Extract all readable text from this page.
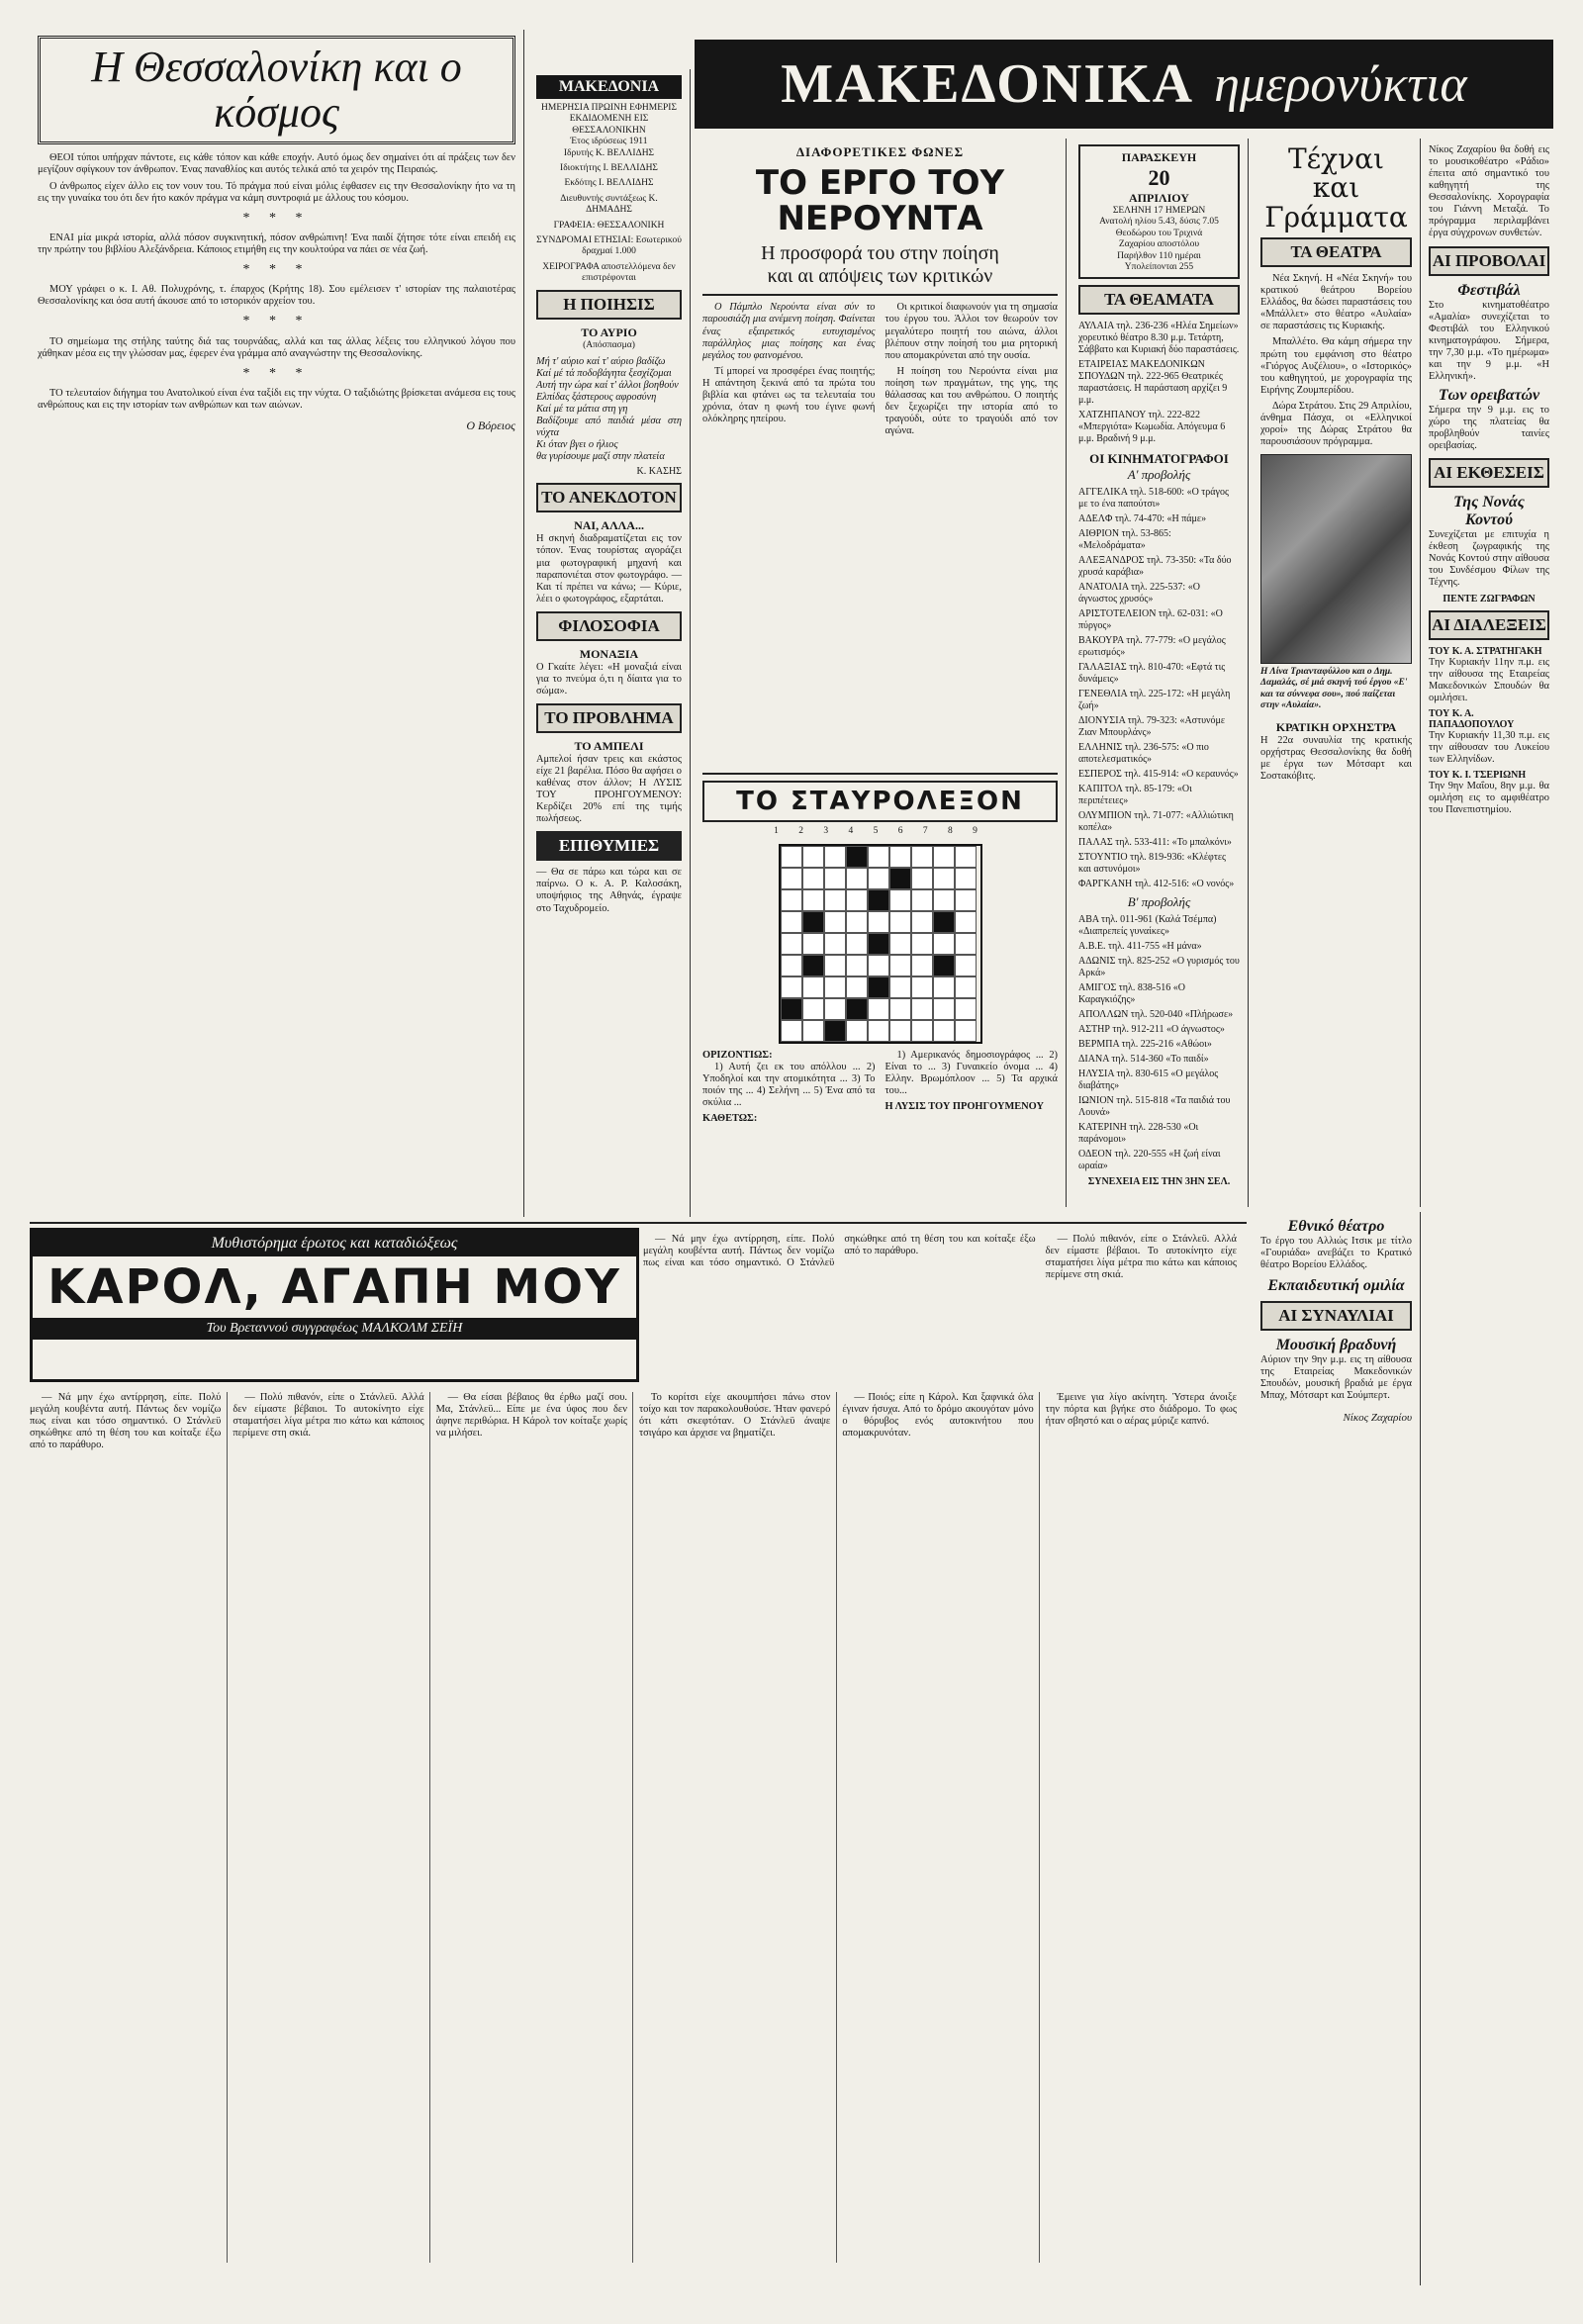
Η Θεσσαλονίκη και ο κόσμος

ΘΕΟΙ τύποι υπήρχαν πάντοτε, εις κάθε τόπον και κάθε εποχήν. Αυτό όμως δεν σημαίνει ότι αί πράξεις των δεν μεγίζουν σφίγκουν τον άνθρωπον. Ένας παναθλίος και αυτός τελικά από τα χειρόν της Πειραιώς.

Ο άνθρωπος είχεν άλλο εις τον νουν του. Τό πράγμα πού είναι μόλις έφθασεν εις την Θεσσαλονίκην ήτο να τη εις την γυναίκα του ότι δεν ήτο κακόν πράγμα να κάμη συντροφιά με άλλους του κόσμου.

* * *

ΕΝΑΙ μία μικρά ιστορία, αλλά πόσον συγκινητική, πόσον ανθρώπινη! Ένα παιδί ζήτησε τότε είναι επειδή εις την πρώτην του βιβλίου Αλεξάνδρεια. Κάποιος ετιμήθη εις την κουλτούρα να πάει σε νέα ζωή.

* * *

ΜΟΥ γράφει ο κ. Ι. Αθ. Πολυχρόνης, τ. έπαρχος (Κρήτης 18). Σου εμέλεισεν τ' ιστορίαν της παλαιοτέρας Θεσσαλονίκης και όσα αυτή άκουσε από το ιστορικόν αρχείον του.

* * *

ΤΟ σημείωμα της στήλης ταύτης διά τας τουρνάδας, αλλά και τας άλλας λέξεις του ελληνικού λόγου που χάθηκαν μέσα εις την γλώσσαν μας, έφερεν ένα γράμμα από αναγνώστην της Θεσσαλονίκης.

* * *

ΤΟ τελευταίον διήγημα του Ανατολικού είναι ένα ταξίδι εις την νύχτα. Ο ταξιδιώτης βρίσκεται ανάμεσα εις τους ανθρώπους και εις την ιστορίαν των ανθρώπων και των αιώνων.

Ο Βόρειος
ΜΑΚΕΔΟΝΙΑ
ΗΜΕΡΗΣΙΑ ΠΡΩΙΝΗ ΕΦΗΜΕΡΙΣ ΕΚΔΙΔΟΜΕΝΗ ΕΙΣ ΘΕΣΣΑΛΟΝΙΚΗΝ
Έτος ιδρύσεως 1911
Ιδρυτής Κ. ΒΕΛΛΙΔΗΣ
Ιδιοκτήτης Ι. ΒΕΛΛΙΔΗΣ
Εκδότης Ι. ΒΕΛΛΙΔΗΣ
Διευθυντής συντάξεως Κ. ΔΗΜΑΔΗΣ
ΓΡΑΦΕΙΑ: ΘΕΣΣΑΛΟΝΙΚΗ
ΣΥΝΔΡΟΜΑΙ ΕΤΗΣΙΑΙ: Εσωτερικού δραχμαί 1.000
ΧΕΙΡΟΓΡΑΦΑ αποστελλόμενα δεν επιστρέφονται
Η ΠΟΙΗΣΙΣ
ΤΟ ΑΥΡΙΟ
(Απόσπασμα)
Μή τ' αύριο καί τ' αύριο βαδίζω
Καί μέ τά ποδοβάγητα ξεσχίζομαι
Αυτή την ώρα καί τ' άλλοι βοηθούν
Ελπίδας ξάστερους αφροσύνη
Καί μέ τα μάτια στη γη
Βαδίζουμε από παιδιά μέσα στη νύχτα
Κι όταν βγει ο ήλιος
θα γυρίσουμε μαζί στην πλατεία
Κ. ΚΑΣΗΣ
ΤΟ ΑΝΕΚΔΟΤΟΝ
ΝΑΙ, ΑΛΛΑ...
Η σκηνή διαδραματίζεται εις τον τόπον. Ένας τουρίστας αγοράζει μια φωτογραφική μηχανή και παραπονιέται στον φωτογράφο. — Και τί πρέπει να κάνω; — Κύριε, λέει ο φωτογράφος, εξαρτάται.
ΦΙΛΟΣΟΦΙΑ
ΜΟΝΑΞΙΑ
Ο Γκαίτε λέγει: «Η μοναξιά είναι για το πνεύμα ό,τι η δίαιτα για το σώμα».
ΤΟ ΠΡΟΒΛΗΜΑ
ΤΟ ΑΜΠΕΛΙ
Αμπελοί ήσαν τρεις και εκάστος είχε 21 βαρέλια. Πόσο θα αφήσει ο καθένας στον άλλον; Η ΛΥΣΙΣ ΤΟΥ ΠΡΟΗΓΟΥΜΕΝΟΥ: Κερδίζει 20% επί της τιμής πωλήσεως.
ΕΠΙΘΥΜΙΕΣ
— Θα σε πάρω και τώρα και σε παίρνω. Ο κ. Α. Ρ. Καλοσάκη, υποψήφιος της Αθηνάς, έγραψε στο Ταχυδρομείο.
ΜΑΚΕΔΟΝΙΚΑ ημερονύκτια
ΔΙΑΦΟΡΕΤΙΚΕΣ ΦΩΝΕΣ
ΤΟ ΕΡΓΟ ΤΟΥ ΝΕΡΟΥΝΤΑ
Η προσφορά του στην ποίηση
και αι απόψεις των κριτικών

Ο Πάμπλο Νερούντα είναι σύν το παρουσιάζη μια ανέμενη ποίηση. Φαίνεται ένας εξαιρετικός ευτυχισμένος παράλληλος μιας ποίησης και ένας μεγάλος του φαινομένου.

Τί μπορεί να προσφέρει ένας ποιητής; Η απάντηση ξεκινά από τα πρώτα του βιβλία και φτάνει ως τα τελευταία του χρόνια, όταν η φωνή του έγινε φωνή ολόκληρης ηπείρου.

Οι κριτικοί διαφωνούν για τη σημασία του έργου του. Άλλοι τον θεωρούν τον μεγαλύτερο ποιητή του αιώνα, άλλοι βλέπουν στην ποίησή του μια ρητορική που απομακρύνεται από την ουσία.

Η ποίηση του Νερούντα είναι μια ποίηση των πραγμάτων, της γης, της θάλασσας και του ανθρώπου. Ο ποιητής δεν ξεχωρίζει την ιστορία από το τραγούδι, ούτε το τραγούδι από τον αγώνα.

ΤΟ ΣΤΑΥΡΟΛΕΞΟΝ
1 2 3 4 5 6 7 8 9
ΟΡΙΖΟΝΤΙΩΣ:

1) Αυτή ζει εκ του απόλλου ... 2) Υποδηλοί και την ατομικότητα ... 3) Το ποιόν της ... 4) Σελήνη ... 5) Ένα από τα σκύλια ...

ΚΑΘΕΤΩΣ:

1) Αμερικανός δημοσιογράφος ... 2) Είναι το ... 3) Γυναικείο όνομα ... 4) Ελλην. Βρωμόπλοον ... 5) Τα αρχικά του...

Η ΛΥΣΙΣ ΤΟΥ ΠΡΟΗΓΟΥΜΕΝΟΥ
ΠΑΡΑΣΚΕΥΗ
20
ΑΠΡΙΛΙΟΥ
ΣΕΛΗΝΗ 17 ΗΜΕΡΩΝ
Ανατολή ηλίου 5.43, δύσις 7.05
Θεοδώρου του Τριχινά
Ζαχαρίου αποστόλου
Παρήλθον 110 ημέραι
Υπολείπονται 255
ΤΑ ΘΕΑΜΑΤΑ
ΑΥΛΑΙΑ τηλ. 236-236 «Ηλέα Σημείων» χορευτικό θέατρο 8.30 μ.μ. Τετάρτη, Σάββατο και Κυριακή δύο παραστάσεις.
ΕΤΑΙΡΕΙΑΣ ΜΑΚΕΔΟΝΙΚΩΝ ΣΠΟΥΔΩΝ τηλ. 222-965 Θεατρικές παραστάσεις. Η παράσταση αρχίζει 9 μ.μ.
ΧΑΤΖΗΠΑΝΟΥ τηλ. 222-822 «Μπεργιότα» Κωμωδία. Απόγευμα 6 μ.μ. Βραδινή 9 μ.μ.
ΟΙ ΚΙΝΗΜΑΤΟΓΡΑΦΟΙ
Α' προβολής
ΑΓΓΕΛΙΚΑ τηλ. 518-600: «Ο τράγος με το ένα παπούτσι»
ΑΔΕΛΦ τηλ. 74-470: «Η πάμε»
ΑΙΘΡΙΟΝ τηλ. 53-865: «Μελοδράματα»
ΑΛΕΞΑΝΔΡΟΣ τηλ. 73-350: «Τα δύο χρυσά καράβια»
ΑΝΑΤΟΛΙΑ τηλ. 225-537: «Ο άγνωστος χρυσός»
ΑΡΙΣΤΟΤΕΛΕΙΟΝ τηλ. 62-031: «Ο πύργος»
ΒΑΚΟΥΡΑ τηλ. 77-779: «Ο μεγάλος ερωτισμός»
ΓΑΛΑΞΙΑΣ τηλ. 810-470: «Εφτά τις δυνάμεις»
ΓΕΝΕΘΛΙΑ τηλ. 225-172: «Η μεγάλη ζωή»
ΔΙΟΝΥΣΙΑ τηλ. 79-323: «Αστυνόμε Ζιαν Μπουρλάνς»
ΕΛΛΗΝΙΣ τηλ. 236-575: «Ο πιο αποτελεσματικός»
ΕΣΠΕΡΟΣ τηλ. 415-914: «Ο κεραυνός»
ΚΑΠΙΤΟΛ τηλ. 85-179: «Οι περιπέτειες»
ΟΛΥΜΠΙΟΝ τηλ. 71-077: «Αλλιώτικη κοπέλα»
ΠΑΛΑΣ τηλ. 533-411: «Το μπαλκόνι»
ΣΤΟΥΝΤΙΟ τηλ. 819-936: «Κλέφτες και αστυνόμοι»
ΦΑΡΓΚΑΝΗ τηλ. 412-516: «Ο νονός»
Β' προβολής
ΑΒΑ τηλ. 011-961 (Καλά Τσέμπα) «Διαπρεπείς γυναίκες»
Α.Β.Ε. τηλ. 411-755 «Η μάνα»
ΑΔΩΝΙΣ τηλ. 825-252 «Ο γυρισμός του Αρκά»
ΑΜΙΓΟΣ τηλ. 838-516 «Ο Καραγκιόζης»
ΑΠΟΛΛΩΝ τηλ. 520-040 «Πλήρωσε»
ΑΣΤΗΡ τηλ. 912-211 «Ο άγνωστος»
ΒΕΡΜΠΑ τηλ. 225-216 «Αθώοι»
ΔΙΑΝΑ τηλ. 514-360 «Το παιδί»
ΗΛΥΣΙΑ τηλ. 830-615 «Ο μεγάλος διαβάτης»
ΙΩΝΙΟΝ τηλ. 515-818 «Τα παιδιά του Λουνά»
ΚΑΤΕΡΙΝΗ τηλ. 228-530 «Οι παράνομοι»
ΟΔΕΟΝ τηλ. 220-555 «Η ζωή είναι ωραία»
ΣΥΝΕΧΕΙΑ ΕΙΣ ΤΗΝ 3ΗΝ ΣΕΛ.
Τέχναι και Γράμματα
ΤΑ ΘΕΑΤΡΑ

Νέα Σκηνή. Η «Νέα Σκηνή» του κρατικού θεάτρου Βορείου Ελλάδος, θα δώσει παραστάσεις του «Μπάλλετ» στο θέατρο «Αυλαία» σε παραστάσεις τις Κυριακής.

Μπαλλέτο. Θα κάμη σήμερα την πρώτη του εμφάνιση στο θέατρο «Γιόργος Αυζέλιου», ο «Ιστορικός» του καθηγητού, με χορογραφία της Ειρήνης Ζουμπερίδου.

Δώρα Στράτου. Στις 29 Απριλίου, άνθημα Πάσχα, οι «Ελληνικοί χοροί» της Δώρας Στράτου θα παρουσιάσουν πρόγραμμα.

Η Λίνα Τριανταφύλλου και ο Δημ. Δαμαλάς, σέ μιά σκηνή τού έργου «Ε' και τα σύννεφα σου», πού παίζεται στην «Αυλαία».
ΚΡΑΤΙΚΗ ΟΡΧΗΣΤΡΑ
Η 22α συναυλία της κρατικής ορχήστρας Θεσσαλονίκης θα δοθή με έργα των Μότσαρτ και Σοστακόβιτς.
Νίκος Ζαχαρίου θα δοθή εις το μουσικοθέατρο «Ράδιο» έπειτα από σημαντικό του καθηγητή της Θεσσαλονίκης. Χορογραφία του Γιάννη Μεταξά. Το πρόγραμμα περιλαμβάνει έργα σύγχρονων συνθετών.
ΑΙ ΠΡΟΒΟΛΑΙ
Φεστιβάλ
Στο κινηματοθέατρο «Αμαλία» συνεχίζεται το Φεστιβάλ του Ελληνικού κινηματογράφου. Σήμερα, την 7,30 μ.μ. «Το ημέρωμα» και την 9 μ.μ. «Η Ελληνική».
Των ορειβατών
Σήμερα την 9 μ.μ. εις το χώρο της πλατείας θα προβληθούν ταινίες ορειβασίας.
ΑΙ ΕΚΘΕΣΕΙΣ
Της Νονάς Κοντού
Συνεχίζεται με επιτυχία η έκθεση ζωγραφικής της Νονάς Κοντού στην αίθουσα του Συνδέσμου Φίλων της Τέχνης.
ΠΕΝΤΕ ΖΩΓΡΑΦΩΝ
ΑΙ ΔΙΑΛΕΞΕΙΣ
ΤΟΥ Κ. Α. ΣΤΡΑΤΗΓΑΚΗ
Την Κυριακήν 11ην π.μ. εις την αίθουσα της Εταιρείας Μακεδονικών Σπουδών θα ομιλήσει.
ΤΟΥ Κ. Α. ΠΑΠΑΔΟΠΟΥΛΟΥ
Την Κυριακήν 11,30 π.μ. εις την αίθουσαν του Λυκείου των Ελληνίδων.
ΤΟΥ Κ. Ι. ΤΣΕΡΙΩΝΗ
Την 9ην Μαΐου, 8ην μ.μ. θα ομιλήση εις το αμφιθέατρο του Πανεπιστημίου.
Εθνικό θέατρο
Το έργο του Αλλιώς Ιτσικ με τίτλο «Γουριάδα» ανεβάζει το Κρατικό θέατρο Βορείου Ελλάδος.
Εκπαιδευτική ομιλία
ΑΙ ΣΥΝΑΥΛΙΑΙ
Μουσική βραδυνή
Αύριον την 9ην μ.μ. εις τη αίθουσα της Εταιρείας Μακεδονικών Σπουδών, μουσική βραδιά με έργα Μπαχ, Μότσαρτ και Σούμπερτ.
Νίκος Ζαχαρίου
Μυθιστόρημα έρωτος και καταδιώξεως
ΚΑΡΟΛ, ΑΓΑΠΗ ΜΟΥ
Του Βρεταννού συγγραφέως ΜΑΛΚΟΛΜ ΣΕΪΗ

— Νά μην έχω αντίρρηση, είπε. Πολύ μεγάλη κουβέντα αυτή. Πάντως δεν νομίζω πως είναι και τόσο σημαντικό. Ο Στάνλεϋ σηκώθηκε από τη θέση του και κοίταξε έξω από το παράθυρο.

— Πολύ πιθανόν, είπε ο Στάνλεϋ. Αλλά δεν είμαστε βέβαιοι. Το αυτοκίνητο είχε σταματήσει λίγα μέτρα πιο κάτω και κάποιος περίμενε στη σκιά.

— Νά μην έχω αντίρρηση, είπε. Πολύ μεγάλη κουβέντα αυτή. Πάντως δεν νομίζω πως είναι και τόσο σημαντικό. Ο Στάνλεϋ σηκώθηκε από τη θέση του και κοίταξε έξω από το παράθυρο.

— Πολύ πιθανόν, είπε ο Στάνλεϋ. Αλλά δεν είμαστε βέβαιοι. Το αυτοκίνητο είχε σταματήσει λίγα μέτρα πιο κάτω και κάποιος περίμενε στη σκιά.

— Θα είσαι βέβαιος θα έρθω μαζί σου. Μα, Στάνλεϋ... Είπε με ένα ύφος που δεν άφηνε περιθώρια. Η Κάρολ τον κοίταξε χωρίς να μιλήσει.

Το κορίτσι είχε ακουμπήσει πάνω στον τοίχο και τον παρακολουθούσε. Ήταν φανερό ότι κάτι σκεφτόταν. Ο Στάνλεϋ άναψε τσιγάρο και άρχισε να βηματίζει.

— Ποιός; είπε η Κάρολ. Και ξαφνικά όλα έγιναν ήσυχα. Από το δρόμο ακουγόταν μόνο ο θόρυβος ενός αυτοκινήτου που απομακρυνόταν.

Έμεινε για λίγο ακίνητη. Ύστερα άνοιξε την πόρτα και βγήκε στο διάδρομο. Το φως ήταν σβηστό και ο αέρας μύριζε καπνό.
